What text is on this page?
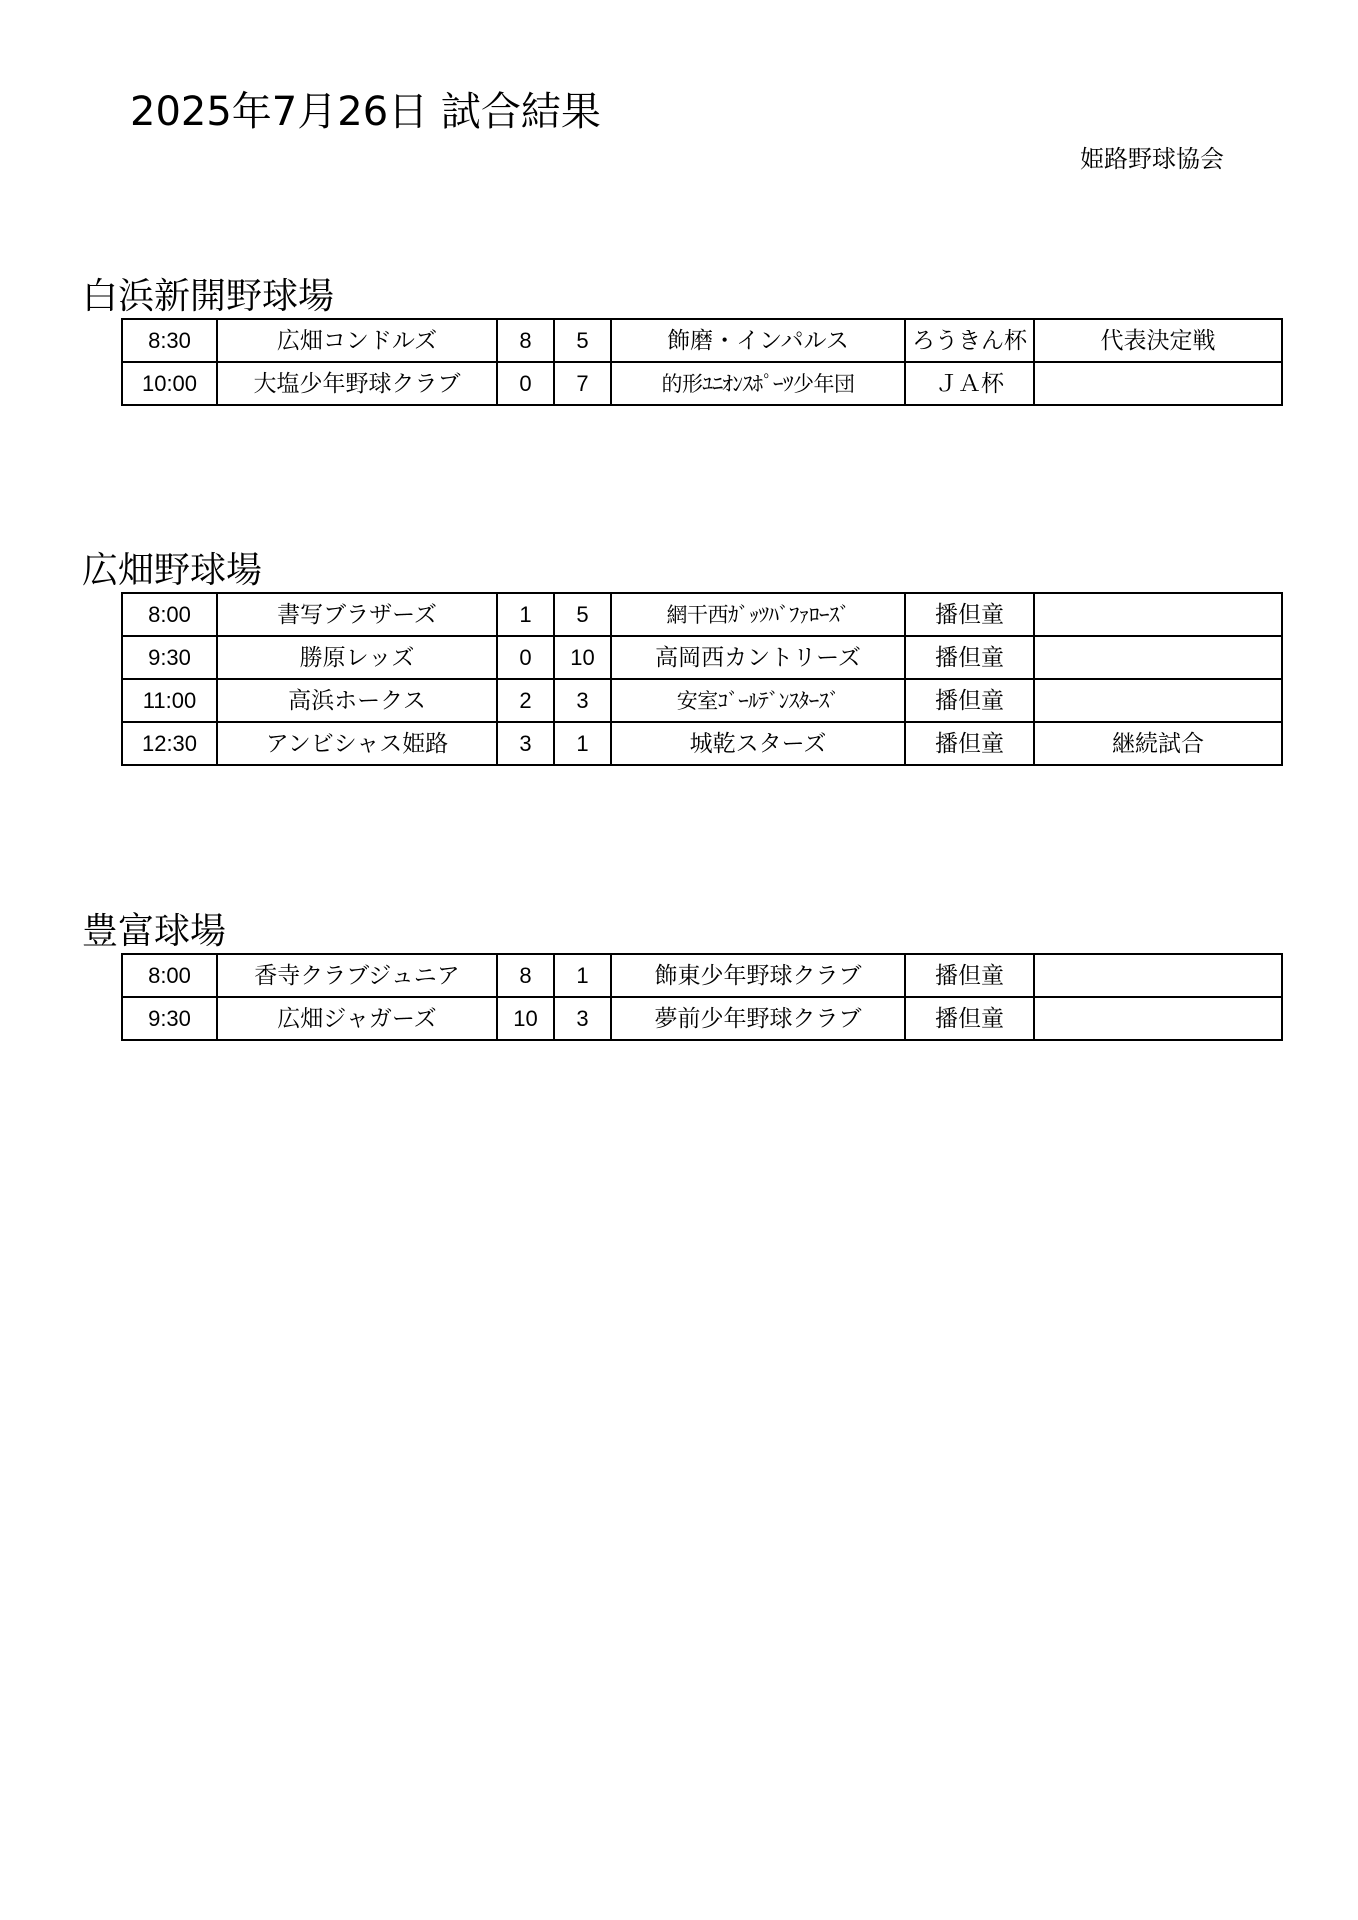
2025年7月26日 試合結果
姫路野球協会
白浜新開野球場
8:30	広畑コンドルズ	8	5	飾磨・インパルス	ろうきん杯	代表決定戦
10:00	大塩少年野球クラブ	0	7	的形ﾕﾆｵﾝｽﾎﾟｰﾂ少年団	ＪＡ杯	
広畑野球場
8:00	書写ブラザーズ	1	5	網干西ｶﾞｯﾂﾊﾞﾌｧﾛｰｽﾞ	播但童	
9:30	勝原レッズ	0	10	高岡西カントリーズ	播但童	
11:00	高浜ホークス	2	3	安室ｺﾞｰﾙﾃﾞﾝｽﾀｰｽﾞ	播但童	
12:30	アンビシャス姫路	3	1	城乾スターズ	播但童	継続試合
豊富球場
8:00	香寺クラブジュニア	8	1	飾東少年野球クラブ	播但童	
9:30	広畑ジャガーズ	10	3	夢前少年野球クラブ	播但童	
